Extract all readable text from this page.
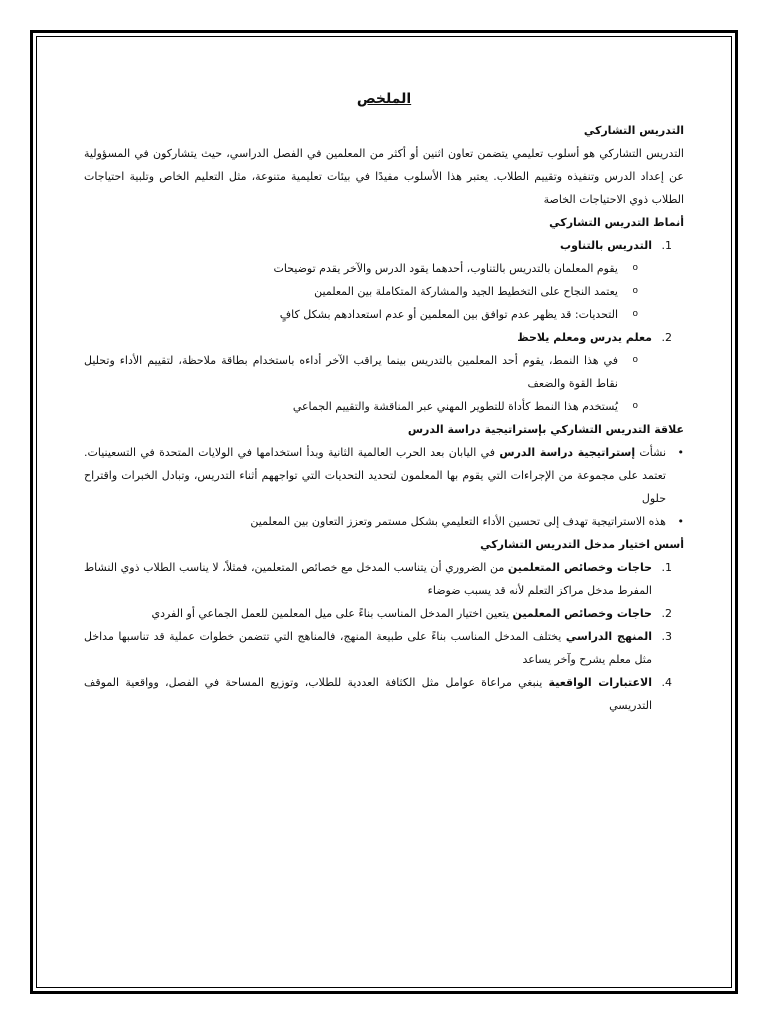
الملخص

التدريس التشاركي

التدريس التشاركي هو أسلوب تعليمي يتضمن تعاون اثنين أو أكثر من المعلمين في الفصل الدراسي، حيث يتشاركون في المسؤولية عن إعداد الدرس وتنفيذه وتقييم الطلاب. يعتبر هذا الأسلوب مفيدًا في بيئات تعليمية متنوعة، مثل التعليم الخاص وتلبية احتياجات الطلاب ذوي الاحتياجات الخاصة

أنماط التدريس التشاركي

1.
التدريس بالتناوب
o
يقوم المعلمان بالتدريس بالتناوب، أحدهما يقود الدرس والآخر يقدم توضيحات
o
يعتمد النجاح على التخطيط الجيد والمشاركة المتكاملة بين المعلمين
o
التحديات: قد يظهر عدم توافق بين المعلمين أو عدم استعدادهم بشكل كافٍ
2.
معلم يدرس ومعلم يلاحظ
o
في هذا النمط، يقوم أحد المعلمين بالتدريس بينما يراقب الآخر أداءه باستخدام بطاقة ملاحظة، لتقييم الأداء وتحليل نقاط القوة والضعف
o
يُستخدم هذا النمط كأداة للتطوير المهني عبر المناقشة والتقييم الجماعي

علاقة التدريس التشاركي بإستراتيجية دراسة الدرس

•
نشأت إستراتيجية دراسة الدرس في اليابان بعد الحرب العالمية الثانية وبدأ استخدامها في الولايات المتحدة في التسعينيات. تعتمد على مجموعة من الإجراءات التي يقوم بها المعلمون لتحديد التحديات التي تواجههم أثناء التدريس، وتبادل الخبرات واقتراح حلول
•
هذه الاستراتيجية تهدف إلى تحسين الأداء التعليمي بشكل مستمر وتعزز التعاون بين المعلمين

أسس اختيار مدخل التدريس التشاركي

1.
حاجات وخصائص المتعلمين من الضروري أن يتناسب المدخل مع خصائص المتعلمين، فمثلاً، لا يناسب الطلاب ذوي النشاط المفرط مدخل مراكز التعلم لأنه قد يسبب ضوضاء
2.
حاجات وخصائص المعلمين يتعين اختيار المدخل المناسب بناءً على ميل المعلمين للعمل الجماعي أو الفردي
3.
المنهج الدراسي يختلف المدخل المناسب بناءً على طبيعة المنهج، فالمناهج التي تتضمن خطوات عملية قد تناسبها مداخل مثل معلم يشرح وآخر يساعد
4.
الاعتبارات الواقعية ينبغي مراعاة عوامل مثل الكثافة العددية للطلاب، وتوزيع المساحة في الفصل، وواقعية الموقف التدريسي
